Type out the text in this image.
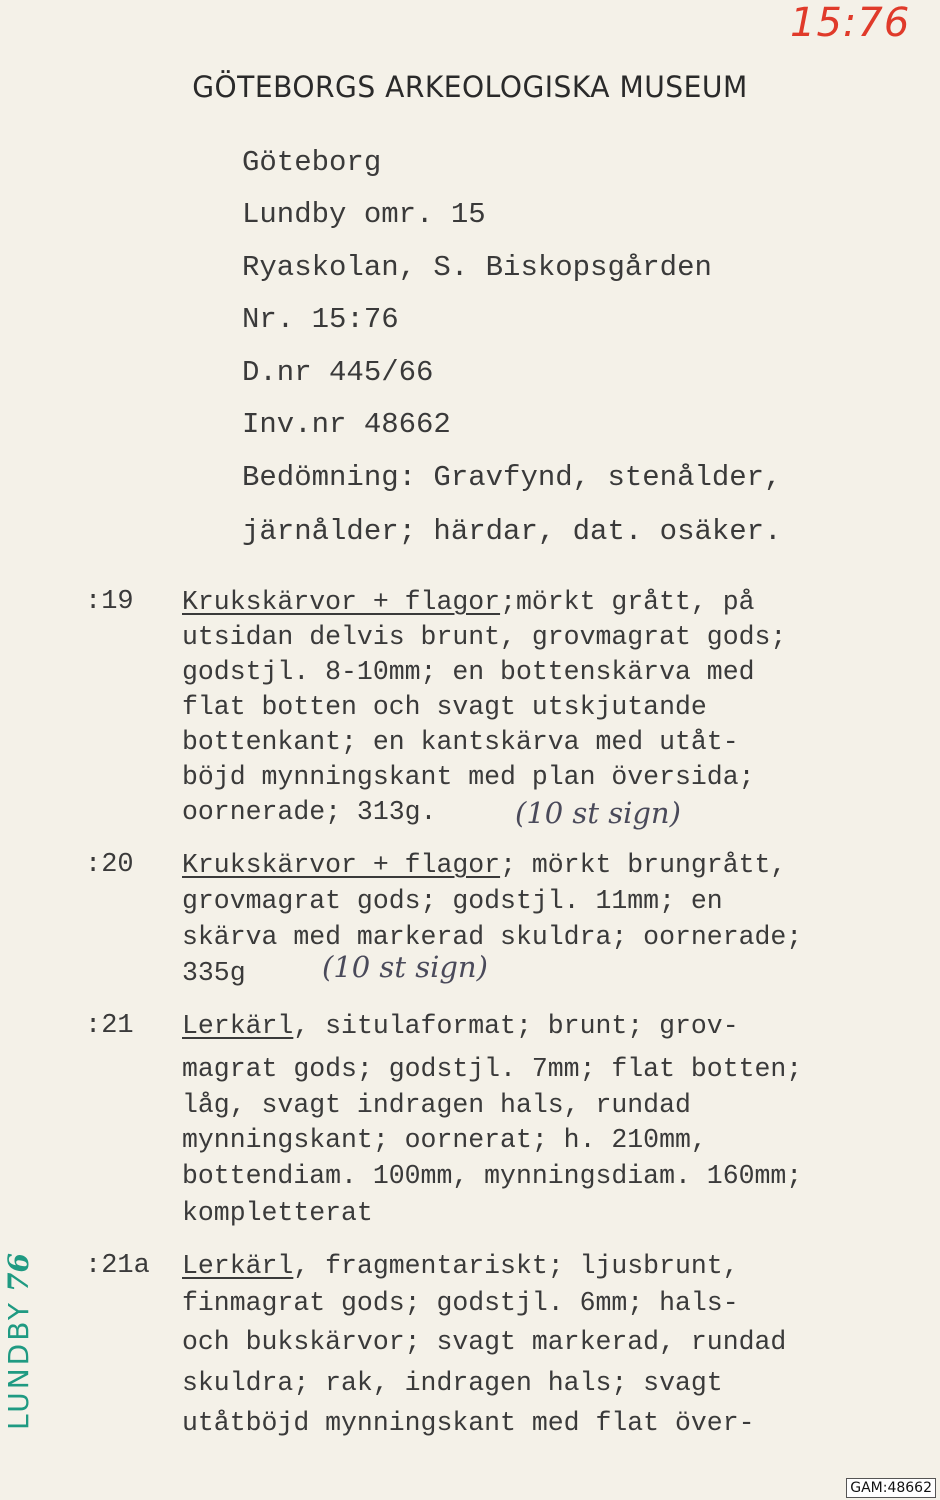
15:76
GÖTEBORGS ARKEOLOGISKA MUSEUM
Göteborg
Lundby omr. 15
Ryaskolan, S. Biskopsgården
Nr. 15:76
D.nr 445/66
Inv.nr 48662
Bedömning: Gravfynd, stenålder,
järnålder; härdar, dat. osäker.
:19 Krukskärvor + flagor;mörkt grått, på
utsidan delvis brunt, grovmagrat gods;
godstjl. 8-10mm; en bottenskärva med
flat botten och svagt utskjutande
bottenkant; en kantskärva med utåt-
böjd mynningskant med plan översida;
oornerade; 313g.	(10 st sign)
:20 Krukskärvor + flagor; mörkt brungrått,
grovmagrat gods; godstjl. 11mm; en
skärva med markerad skuldra; oornerade;
335g	(10 st sign)
:21 Lerkärl, situlaformat; brunt; grov-
magrat gods; godstjl. 7mm; flat botten;
låg, svagt indragen hals, rundad
mynningskant; oornerat; h. 210mm,
bottendiam. 100mm, mynningsdiam. 160mm;
kompletterat
:21a Lerkärl, fragmentariskt; ljusbrunt,
finmagrat gods; godstjl. 6mm; hals-
och bukskärvor; svagt markerad, rundad
skuldra; rak, indragen hals; svagt
utåtböjd mynningskant med flat över-
LUNDBY76
GAM:48662
